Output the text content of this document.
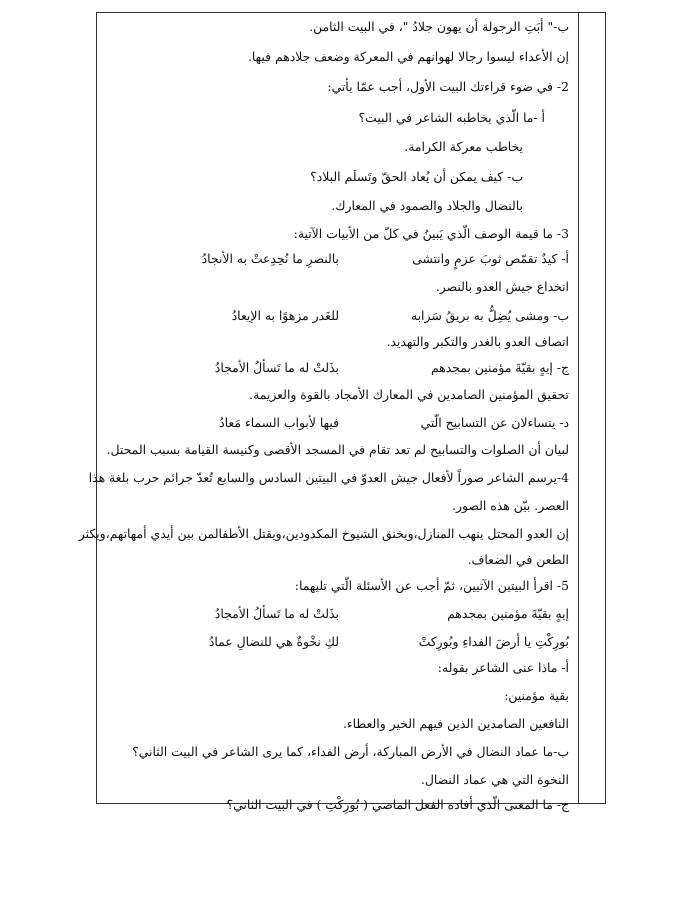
ب-" أبَتِ الرجولة أن يهون جلادُ "، في البيت الثامن.
إن الأعداء ليسوا رجالا لهوانهم في المعركة وضعف جلادهم فيها.
2- في ضوء قراءتك البيت الأول، أجب عمّا يأتي:
أ -ما الّذي يخاطبه الشاعر في البيت؟
يخاطب معركة الكرامة.
ب- كيف يمكن أن يُعاد الحقّ وتَسلَم البلاد؟
بالنضال والجلاد والصمود في المعارك.
3- ما قيمة الوصف الّذي يَبينُ في كلّ من الأبيات الآتية:
أ- كيدٌ تقمّص ثوبَ عزمٍ وانتشى
بالنصرِ ما نُحِدِعتْ به الأنجادُ
انخداع جيش العدو بالنصر.
ب- ومشى يُضِلُّ به بريقُ سَرابه
للغَدر مزهوًا به الإيعادُ
اتصاف العدو بالغدر والتكبر والتهديد.
ج- إيهٍ بقيّةَ مؤمنين بمجدهم
بذَلتْ له ما تَسألُ الأمجادُ
تحقيق المؤمنين الصامدين في المعارك الأمجاد بالقوة والعزيمة.
د- يتساءلان عن التسابيح الّتي
فيها لأبواب السماء مَعادُ
لبيان أن الصلوات والتسابيح لم تعد تقام في المسجد الأقصى وكنيسة القيامة بسبب المحتل.
4-يرسم الشاعر صوراً لأفعال جيش العدوّ في البيتين السادس والسابع تُعدّ جرائم حرب بلغة هذا
العصر. بيّن هذه الصور.
إن العدو المحتل ينهب المنازل،ويخنق الشيوخ المكدودين،ويقتل الأطفالمن بين أيدي أمهاتهم،ويكثر
الطعن في الضعاف.
5- اقرأ البيتين الآتيين، ثمّ أجب عن الأسئلة الّتي تليهما:
إيهٍ بقيّةَ مؤمنين بمجدهم
بذَلتْ له ما تَسألُ الأمجادُ
بُورِكْتِ يا أرضَ الفداءِ وبُورِكتْ
لكِ نخْوةٌ هي للنضالِ عمادُ
أ- ماذا عنى الشاعر بقوله:
بقية مؤمنين:
النافعين الصامدين الذين فيهم الخير والعطاء.
ب-ما عماد النضال في الأرض المباركة، أرض الفداء، كما يرى الشاعر في البيت الثاني؟
النخوة التي هي عماد النضال.
ج- ما المعنى الّذي أفاده الفعل الماضي ( بُورِكْتِ ) في البيت الثاني؟
